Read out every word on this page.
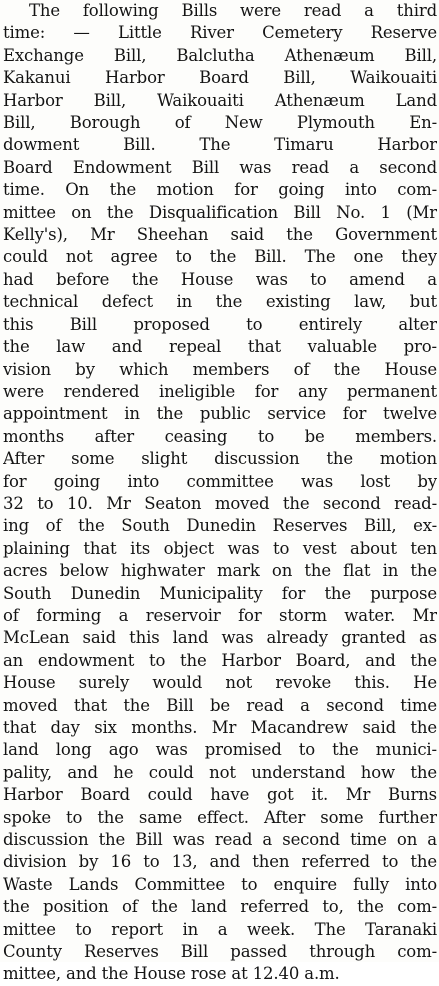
The following Bills were read a third
time: — Little River Cemetery Reserve
Exchange Bill, Balclutha Athenæum Bill,
Kakanui Harbor Board Bill, Waikouaiti
Harbor Bill, Waikouaiti Athenæum Land
Bill, Borough of New Plymouth En-
dowment Bill. The Timaru Harbor
Board Endowment Bill was read a second
time. On the motion for going into com-
mittee on the Disqualification Bill No. 1 (Mr
Kelly's), Mr Sheehan said the Government
could not agree to the Bill. The one they
had before the House was to amend a
technical defect in the existing law, but
this Bill proposed to entirely alter
the law and repeal that valuable pro-
vision by which members of the House
were rendered ineligible for any permanent
appointment in the public service for twelve
months after ceasing to be members.
After some slight discussion the motion
for going into committee was lost by
32 to 10. Mr Seaton moved the second read-
ing of the South Dunedin Reserves Bill, ex-
plaining that its object was to vest about ten
acres below highwater mark on the flat in the
South Dunedin Municipality for the purpose
of forming a reservoir for storm water. Mr
McLean said this land was already granted as
an endowment to the Harbor Board, and the
House surely would not revoke this. He
moved that the Bill be read a second time
that day six months. Mr Macandrew said the
land long ago was promised to the munici-
pality, and he could not understand how the
Harbor Board could have got it. Mr Burns
spoke to the same effect. After some further
discussion the Bill was read a second time on a
division by 16 to 13, and then referred to the
Waste Lands Committee to enquire fully into
the position of the land referred to, the com-
mittee to report in a week. The Taranaki
County Reserves Bill passed through com-
mittee, and the House rose at 12.40 a.m.
